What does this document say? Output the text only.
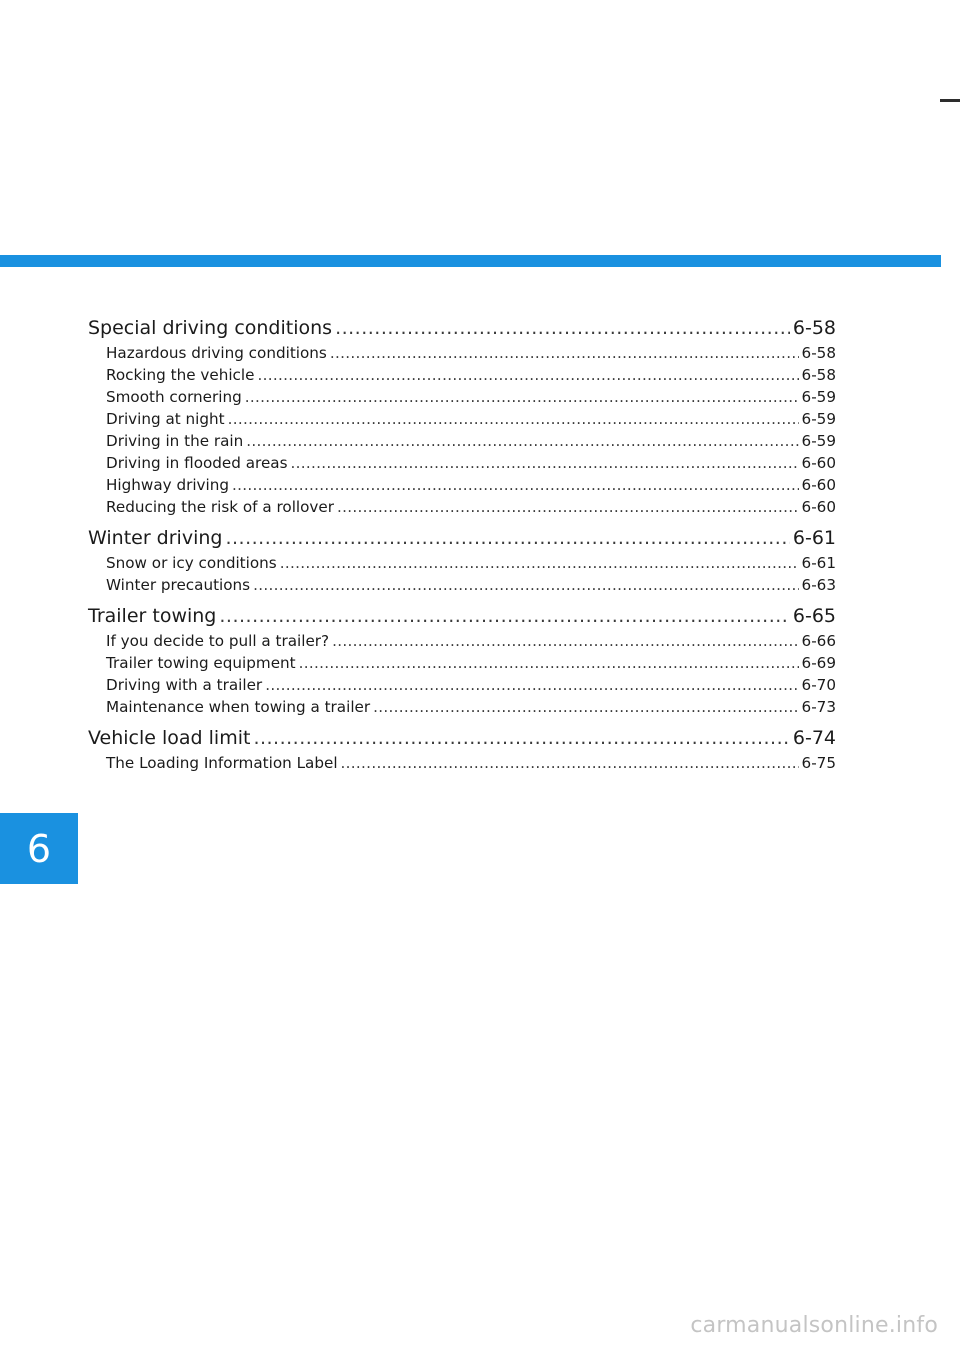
Special driving conditions .....	6-58
Hazardous driving conditions .....	6-58
Rocking the vehicle .....	6-58
Smooth cornering .....	6-59
Driving at night .....	6-59
Driving in the rain .....	6-59
Driving in flooded areas .....	6-60
Highway driving .....	6-60
Reducing the risk of a rollover .....	6-60
Winter driving .....	6-61
Snow or icy conditions .....	6-61
Winter precautions .....	6-63
Trailer towing .....	6-65
If you decide to pull a trailer? .....	6-66
Trailer towing equipment .....	6-69
Driving with a trailer .....	6-70
Maintenance when towing a trailer .....	6-73
Vehicle load limit .....	6-74
The Loading Information Label .....	6-75
6
carmanualsonline.info
